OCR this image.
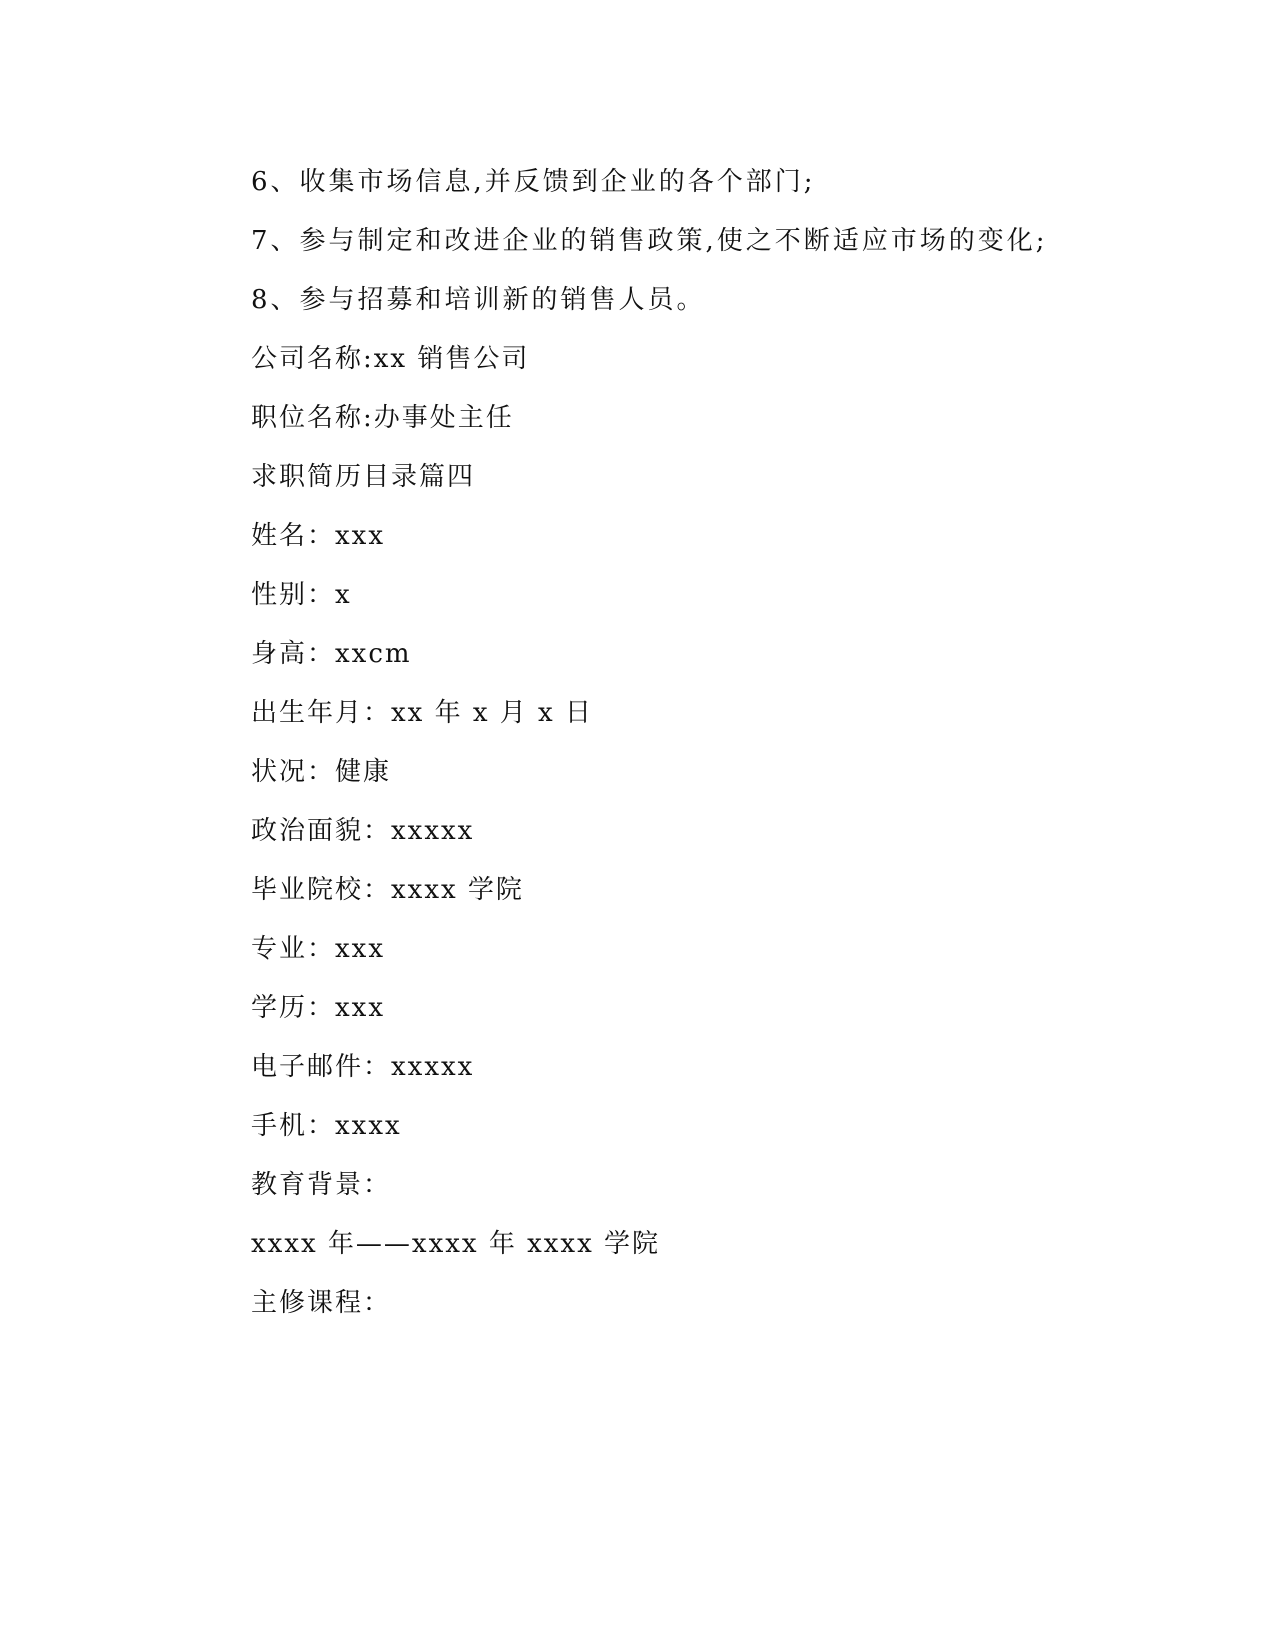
6、收集市场信息,并反馈到企业的各个部门;
7、参与制定和改进企业的销售政策,使之不断适应市场的变化;
8、参与招募和培训新的销售人员。
公司名称:xx 销售公司
职位名称:办事处主任
求职简历目录篇四
姓名：xxx
性别：x
身高：xxcm
出生年月：xx 年 x 月 x 日
状况：健康
政治面貌：xxxxx
毕业院校：xxxx 学院
专业：xxx
学历：xxx
电子邮件：xxxxx
手机：xxxx
教育背景：
xxxx 年——xxxx 年 xxxx 学院
主修课程：
